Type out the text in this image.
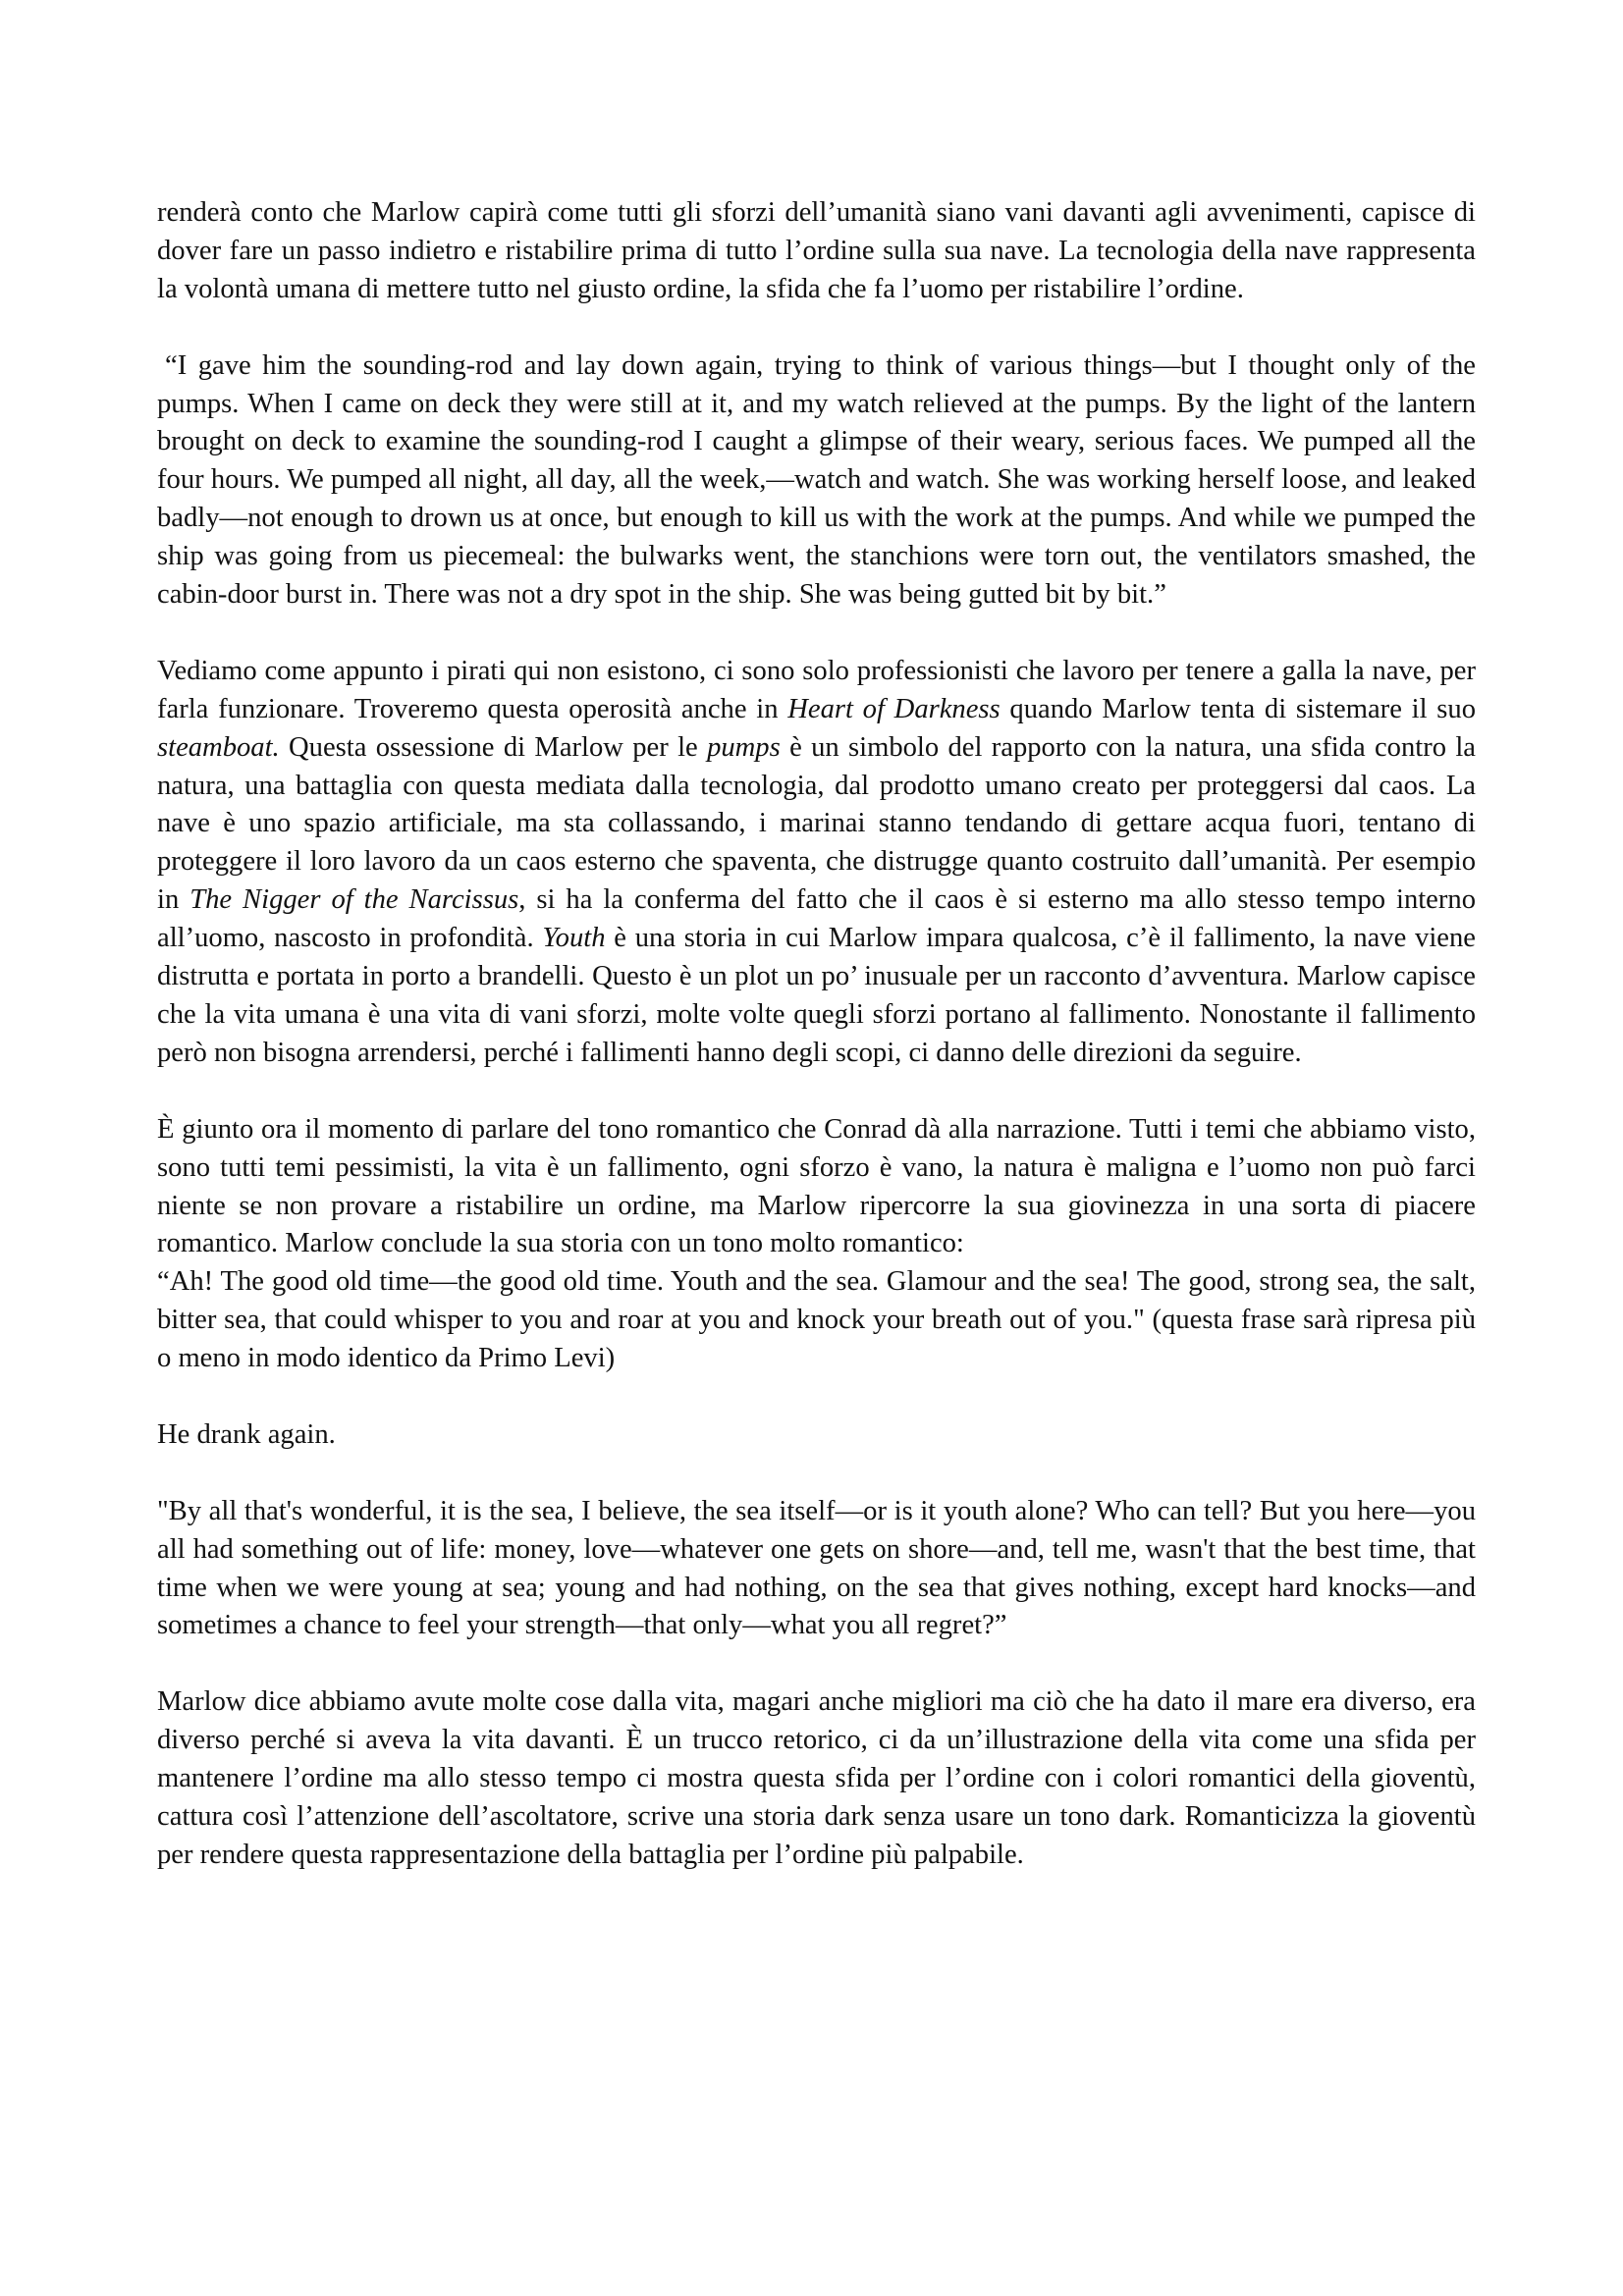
renderà conto che Marlow capirà come tutti gli sforzi dell’umanità siano vani davanti agli avvenimenti, capisce di dover fare un passo indietro e ristabilire prima di tutto l’ordine sulla sua nave. La tecnologia della nave rappresenta la volontà umana di mettere tutto nel giusto ordine, la sfida che fa l’uomo per ristabilire l’ordine.

“I gave him the sounding-rod and lay down again, trying to think of various things—but I thought only of the pumps. When I came on deck they were still at it, and my watch relieved at the pumps. By the light of the lantern brought on deck to examine the sounding-rod I caught a glimpse of their weary, serious faces. We pumped all the four hours. We pumped all night, all day, all the week,—watch and watch. She was working herself loose, and leaked badly—not enough to drown us at once, but enough to kill us with the work at the pumps. And while we pumped the ship was going from us piecemeal: the bulwarks went, the stanchions were torn out, the ventilators smashed, the cabin-door burst in. There was not a dry spot in the ship. She was being gutted bit by bit.”

Vediamo come appunto i pirati qui non esistono, ci sono solo professionisti che lavoro per tenere a galla la nave, per farla funzionare. Troveremo questa operosità anche in Heart of Darkness quando Marlow tenta di sistemare il suo steamboat. Questa ossessione di Marlow per le pumps è un simbolo del rapporto con la natura, una sfida contro la natura, una battaglia con questa mediata dalla tecnologia, dal prodotto umano creato per proteggersi dal caos. La nave è uno spazio artificiale, ma sta collassando, i marinai stanno tendando di gettare acqua fuori, tentano di proteggere il loro lavoro da un caos esterno che spaventa, che distrugge quanto costruito dall’umanità. Per esempio in The Nigger of the Narcissus, si ha la conferma del fatto che il caos è si esterno ma allo stesso tempo interno all’uomo, nascosto in profondità. Youth è una storia in cui Marlow impara qualcosa, c’è il fallimento, la nave viene distrutta e portata in porto a brandelli. Questo è un plot un po’ inusuale per un racconto d’avventura. Marlow capisce che la vita umana è una vita di vani sforzi, molte volte quegli sforzi portano al fallimento. Nonostante il fallimento però non bisogna arrendersi, perché i fallimenti hanno degli scopi, ci danno delle direzioni da seguire.

È giunto ora il momento di parlare del tono romantico che Conrad dà alla narrazione. Tutti i temi che abbiamo visto, sono tutti temi pessimisti, la vita è un fallimento, ogni sforzo è vano, la natura è maligna e l’uomo non può farci niente se non provare a ristabilire un ordine, ma Marlow ripercorre la sua giovinezza in una sorta di piacere romantico. Marlow conclude la sua storia con un tono molto romantico:

“Ah! The good old time—the good old time. Youth and the sea. Glamour and the sea! The good, strong sea, the salt, bitter sea, that could whisper to you and roar at you and knock your breath out of you." (questa frase sarà ripresa più o meno in modo identico da Primo Levi)

He drank again.

"By all that's wonderful, it is the sea, I believe, the sea itself—or is it youth alone? Who can tell? But you here—you all had something out of life: money, love—whatever one gets on shore—and, tell me, wasn't that the best time, that time when we were young at sea; young and had nothing, on the sea that gives nothing, except hard knocks—and sometimes a chance to feel your strength—that only—what you all regret?”

Marlow dice abbiamo avute molte cose dalla vita, magari anche migliori ma ciò che ha dato il mare era diverso, era diverso perché si aveva la vita davanti. È un trucco retorico, ci da un’illustrazione della vita come una sfida per mantenere l’ordine ma allo stesso tempo ci mostra questa sfida per l’ordine con i colori romantici della gioventù, cattura così l’attenzione dell’ascoltatore, scrive una storia dark senza usare un tono dark. Romanticizza la gioventù per rendere questa rappresentazione della battaglia per l’ordine più palpabile.
